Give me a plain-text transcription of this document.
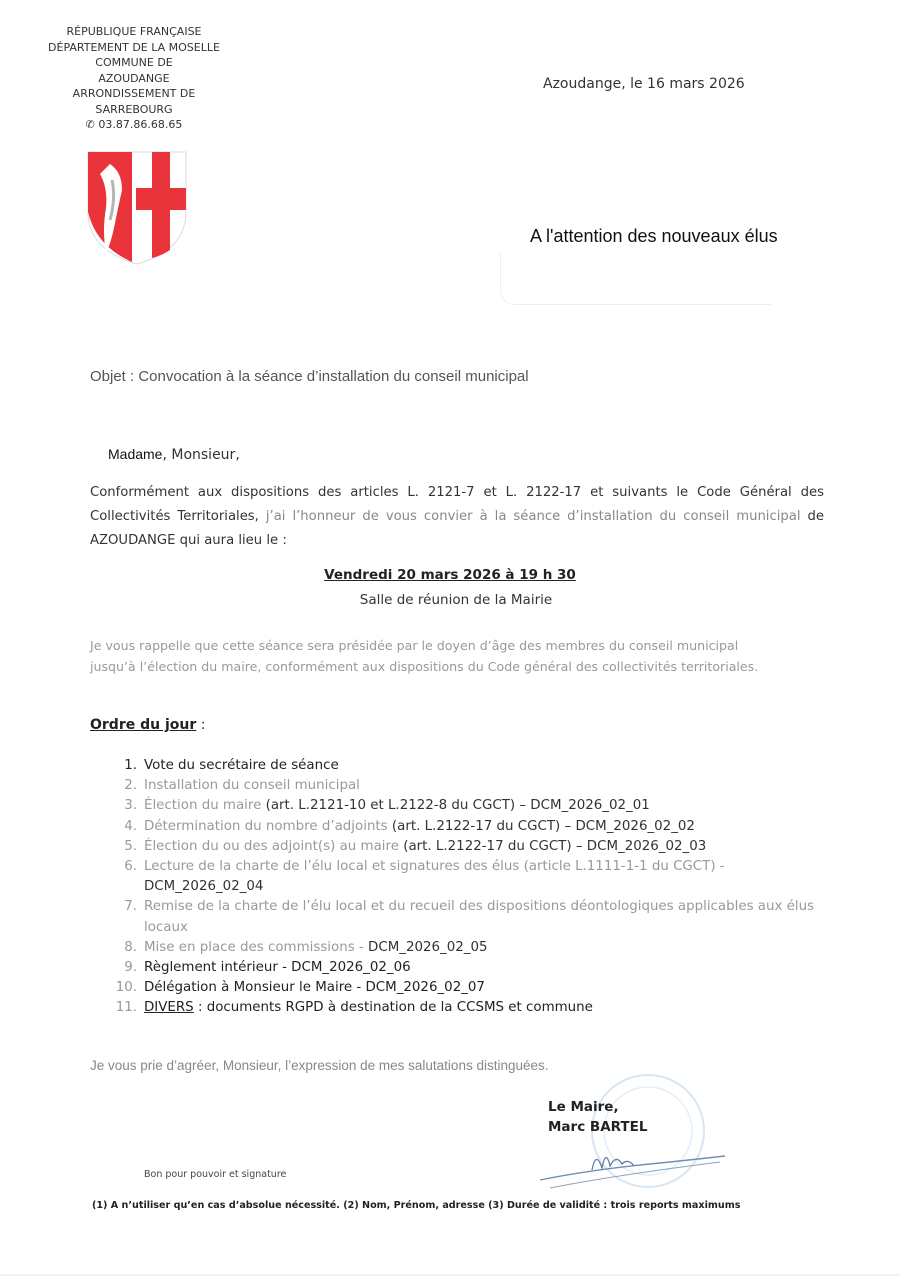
RÉPUBLIQUE FRANÇAISE
DÉPARTEMENT DE LA MOSELLE
COMMUNE DE
AZOUDANGE
ARRONDISSEMENT DE
SARREBOURG
✆ 03.87.86.68.65
Azoudange, le 16 mars 2026
A l'attention des nouveaux élus
Objet : Convocation à la séance d’installation du conseil municipal
Madame, Monsieur,
Conformément aux dispositions des articles L. 2121-7 et L. 2122-17 et suivants le Code Général des Collectivités Territoriales, j’ai l’honneur de vous convier à la séance d’installation du conseil municipal de AZOUDANGE qui aura lieu le :
Vendredi 20 mars 2026 à 19 h 30
Salle de réunion de la Mairie
Je vous rappelle que cette séance sera présidée par le doyen d’âge des membres du conseil municipal
jusqu’à l’élection du maire, conformément aux dispositions du Code général des collectivités territoriales.
Ordre du jour :
1. Vote du secrétaire de séance
2. Installation du conseil municipal
3. Élection du maire (art. L.2121-10 et L.2122-8 du CGCT) – DCM_2026_02_01
4. Détermination du nombre d’adjoints (art. L.2122-17 du CGCT) – DCM_2026_02_02
5. Élection du ou des adjoint(s) au maire (art. L.2122-17 du CGCT) – DCM_2026_02_03
6. Lecture de la charte de l’élu local et signatures des élus (article L.1111-1-1 du CGCT) -
DCM_2026_02_04
7. Remise de la charte de l’élu local et du recueil des dispositions déontologiques applicables aux élus locaux
8. Mise en place des commissions - DCM_2026_02_05
9. Règlement intérieur - DCM_2026_02_06
10. Délégation à Monsieur le Maire - DCM_2026_02_07
11. DIVERS : documents RGPD à destination de la CCSMS et commune
Je vous prie d’agréer, Monsieur, l’expression de mes salutations distinguées.
Le Maire,
Marc BARTEL
Bon pour pouvoir et signature
(1) A n’utiliser qu’en cas d’absolue nécessité. (2) Nom, Prénom, adresse (3) Durée de validité : trois reports maximums
